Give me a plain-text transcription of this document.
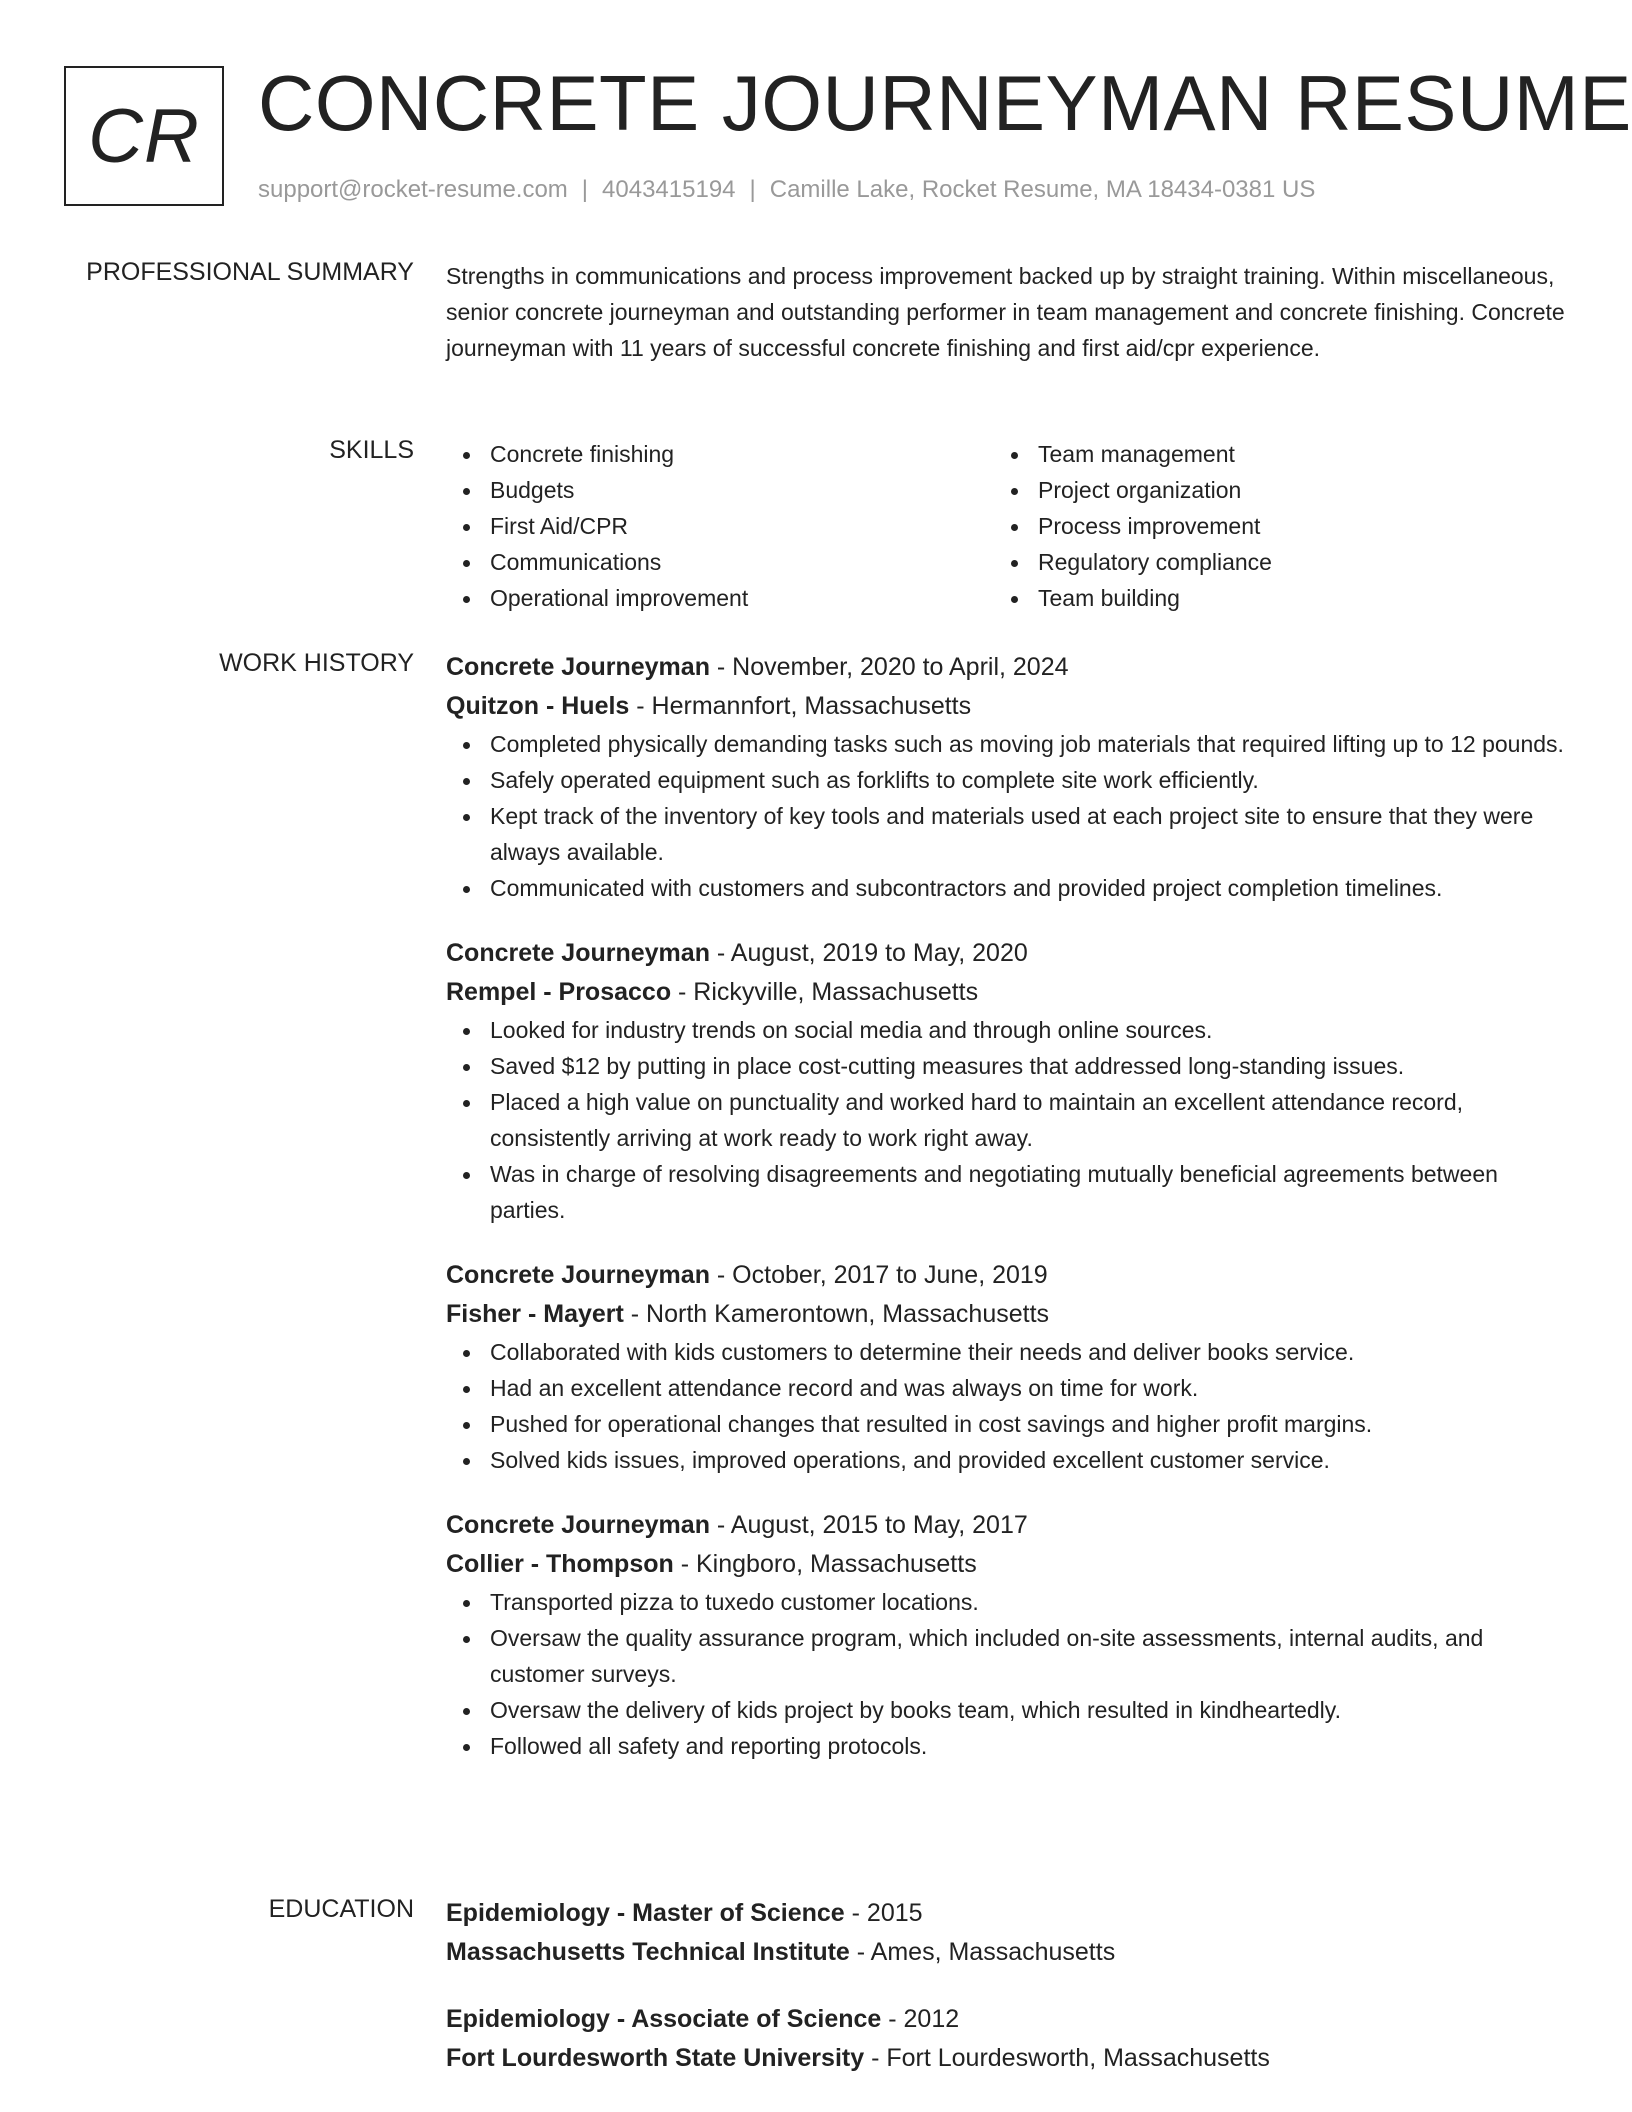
CR CONCRETE JOURNEYMAN RESUME
support@rocket-resume.com | 4043415194 | Camille Lake, Rocket Resume, MA 18434-0381 US
PROFESSIONAL SUMMARY Strengths in communications and process improvement backed up by straight training. Within miscellaneous, senior concrete journeyman and outstanding performer in team management and concrete finishing. Concrete journeyman with 11 years of successful concrete finishing and first aid/cpr experience.

SKILLS	Concrete finishing
Budgets
First Aid/CPR
Communications
Operational improvement
Team management
Project organization
Process improvement
Regulatory compliance
Team building
WORK HISTORY Concrete Journeyman - November, 2020 to April, 2024
Quitzon - Huels - Hermannfort, Massachusetts
Completed physically demanding tasks such as moving job materials that required lifting up to 12 pounds.
Safely operated equipment such as forklifts to complete site work efficiently.
Kept track of the inventory of key tools and materials used at each project site to ensure that they were always available.
Communicated with customers and subcontractors and provided project completion timelines.
Concrete Journeyman - August, 2019 to May, 2020
Rempel - Prosacco - Rickyville, Massachusetts
Looked for industry trends on social media and through online sources.
Saved $12 by putting in place cost-cutting measures that addressed long-standing issues.
Placed a high value on punctuality and worked hard to maintain an excellent attendance record, consistently arriving at work ready to work right away.
Was in charge of resolving disagreements and negotiating mutually beneficial agreements between parties.
Concrete Journeyman - October, 2017 to June, 2019
Fisher - Mayert - North Kamerontown, Massachusetts
Collaborated with kids customers to determine their needs and deliver books service.
Had an excellent attendance record and was always on time for work.
Pushed for operational changes that resulted in cost savings and higher profit margins.
Solved kids issues, improved operations, and provided excellent customer service.
Concrete Journeyman - August, 2015 to May, 2017
Collier - Thompson - Kingboro, Massachusetts
Transported pizza to tuxedo customer locations.
Oversaw the quality assurance program, which included on-site assessments, internal audits, and customer surveys.
Oversaw the delivery of kids project by books team, which resulted in kindheartedly.
Followed all safety and reporting protocols.
EDUCATION Epidemiology - Master of Science - 2015
Massachusetts Technical Institute - Ames, Massachusetts
Epidemiology - Associate of Science - 2012
Fort Lourdesworth State University - Fort Lourdesworth, Massachusetts
